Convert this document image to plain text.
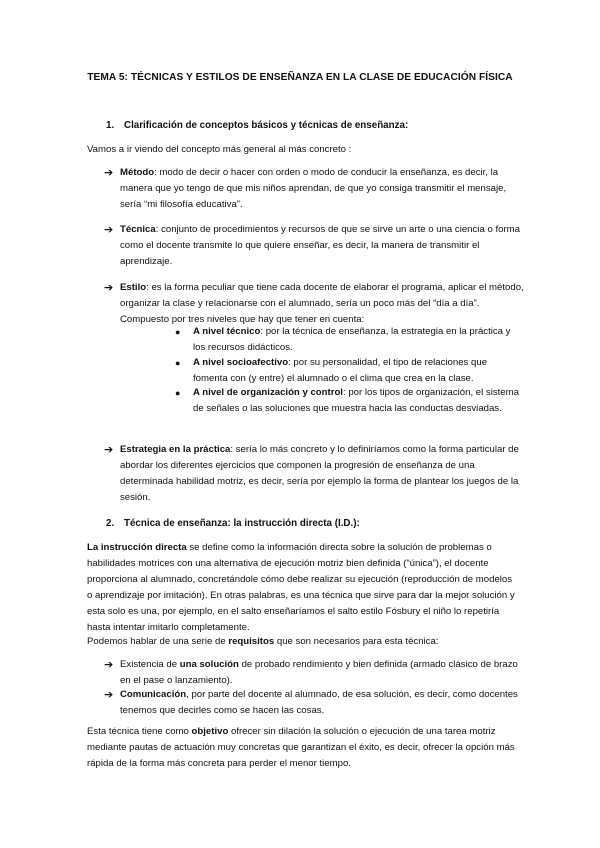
TEMA 5: TÉCNICAS Y ESTILOS DE ENSEÑANZA EN LA CLASE DE EDUCACIÓN FÍSICA
1. Clarificación de conceptos básicos y técnicas de enseñanza:
Vamos a ir viendo del concepto más general al más concreto :
➔ Método: modo de decir o hacer con orden o modo de conducir la enseñanza, es decir, la manera que yo tengo de que mis niños aprendan, de que yo consiga transmitir el mensaje, sería “mi filosofía educativa”.
➔ Técnica: conjunto de procedimientos y recursos de que se sirve un arte o una ciencia o forma como el docente transmite lo que quiere enseñar, es decir, la manera de transmitir el aprendizaje.
➔ Estilo: es la forma peculiar que tiene cada docente de elaborar el programa, aplicar el método, organizar la clase y relacionarse con el alumnado, sería un poco más del “día a día”. Compuesto por tres niveles que hay que tener en cuenta:
● A nivel técnico: por la técnica de enseñanza, la estrategia en la práctica y los recursos didácticos.
● A nivel socioafectivo: por su personalidad, el tipo de relaciones que fomenta con (y entre) el alumnado o el clima que crea en la clase.
● A nivel de organización y control: por los tipos de organización, el sistema de señales o las soluciones que muestra hacia las conductas desviadas.
➔ Estrategia en la práctica: sería lo más concreto y lo definiríamos como la forma particular de abordar los diferentes ejercicios que componen la progresión de enseñanza de una determinada habilidad motriz, es decir, sería por ejemplo la forma de plantear los juegos de la sesión.
2. Técnica de enseñanza: la instrucción directa (I.D.):
La instrucción directa se define como la información directa sobre la solución de problemas o habilidades motrices con una alternativa de ejecución motriz bien definida (“única”), el docente proporciona al alumnado, concretándole cómo debe realizar su ejecución (reproducción de modelos o aprendizaje por imitación). En otras palabras, es una técnica que sirve para dar la mejor solución y esta solo es una, por ejemplo, en el salto enseñaríamos el salto estilo Fósbury el niño lo repetiría hasta intentar imitarlo completamente.
Podemos hablar de una serie de requisitos que son necesarios para esta técnica:
➔ Existencia de una solución de probado rendimiento y bien definida (armado clásico de brazo en el pase o lanzamiento).
➔ Comunicación, por parte del docente al alumnado, de esa solución, es decir, como docentes tenemos que decirles como se hacen las cosas.
Esta técnica tiene como objetivo ofrecer sin dilación la solución o ejecución de una tarea motriz mediante pautas de actuación muy concretas que garantizan el éxito, es decir, ofrecer la opción más rápida de la forma más concreta para perder el menor tiempo.
